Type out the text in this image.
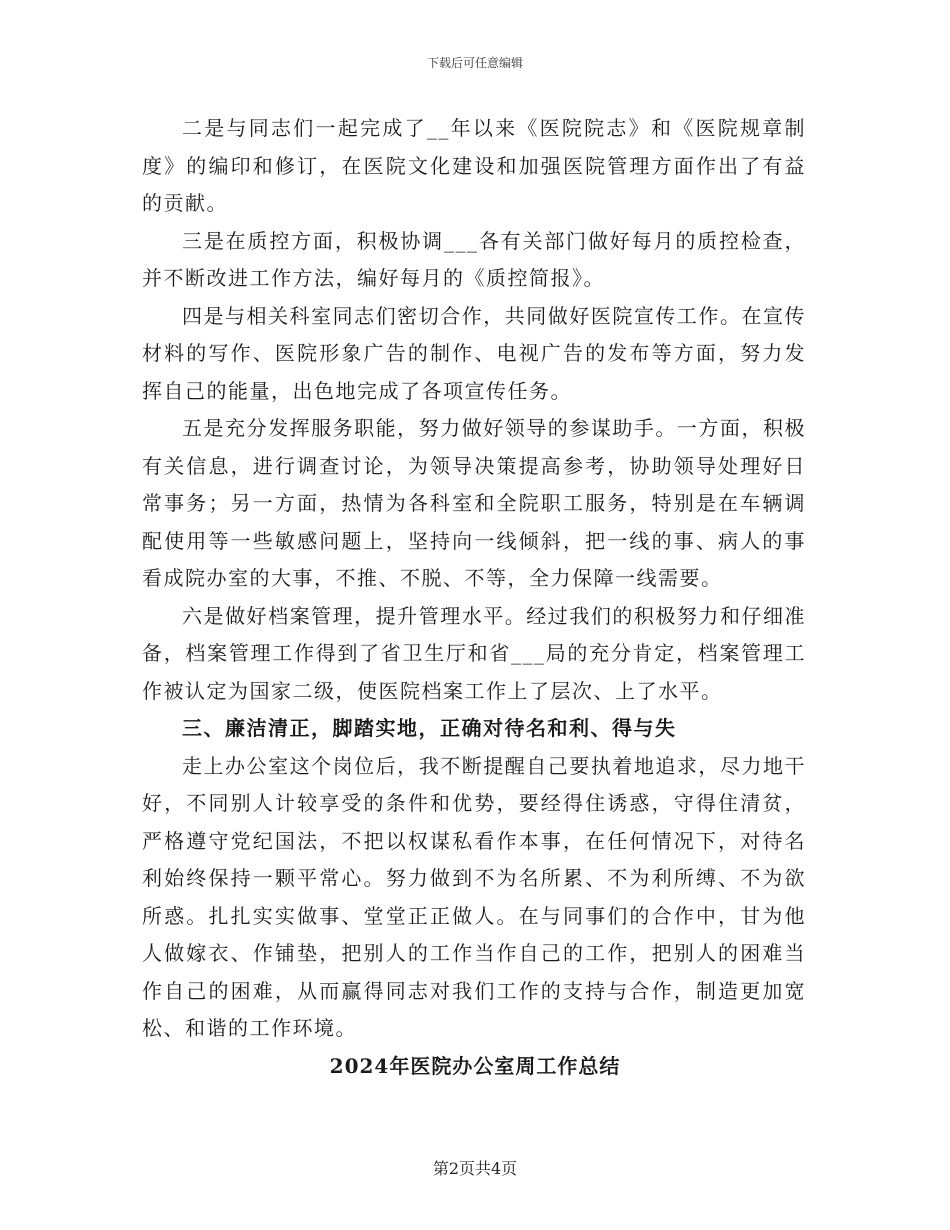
下载后可任意编辑

二是与同志们一起完成了__年以来《医院院志》和《医院规章制度》的编印和修订，在医院文化建设和加强医院管理方面作出了有益的贡献。

三是在质控方面，积极协调___各有关部门做好每月的质控检查，并不断改进工作方法，编好每月的《质控简报》。

四是与相关科室同志们密切合作，共同做好医院宣传工作。在宣传材料的写作、医院形象广告的制作、电视广告的发布等方面，努力发挥自己的能量，出色地完成了各项宣传任务。

五是充分发挥服务职能，努力做好领导的参谋助手。一方面，积极有关信息，进行调查讨论，为领导决策提高参考，协助领导处理好日常事务；另一方面，热情为各科室和全院职工服务，特别是在车辆调配使用等一些敏感问题上，坚持向一线倾斜，把一线的事、病人的事看成院办室的大事，不推、不脱、不等，全力保障一线需要。

六是做好档案管理，提升管理水平。经过我们的积极努力和仔细准备，档案管理工作得到了省卫生厅和省___局的充分肯定，档案管理工作被认定为国家二级，使医院档案工作上了层次、上了水平。

三、廉洁清正，脚踏实地，正确对待名和利、得与失

走上办公室这个岗位后，我不断提醒自己要执着地追求，尽力地干好，不同别人计较享受的条件和优势，要经得住诱惑，守得住清贫，严格遵守党纪国法，不把以权谋私看作本事，在任何情况下，对待名利始终保持一颗平常心。努力做到不为名所累、不为利所缚、不为欲所惑。扎扎实实做事、堂堂正正做人。在与同事们的合作中，甘为他人做嫁衣、作铺垫，把别人的工作当作自己的工作，把别人的困难当作自己的困难，从而赢得同志对我们工作的支持与合作，制造更加宽松、和谐的工作环境。

2024年医院办公室周工作总结
第2页共4页
